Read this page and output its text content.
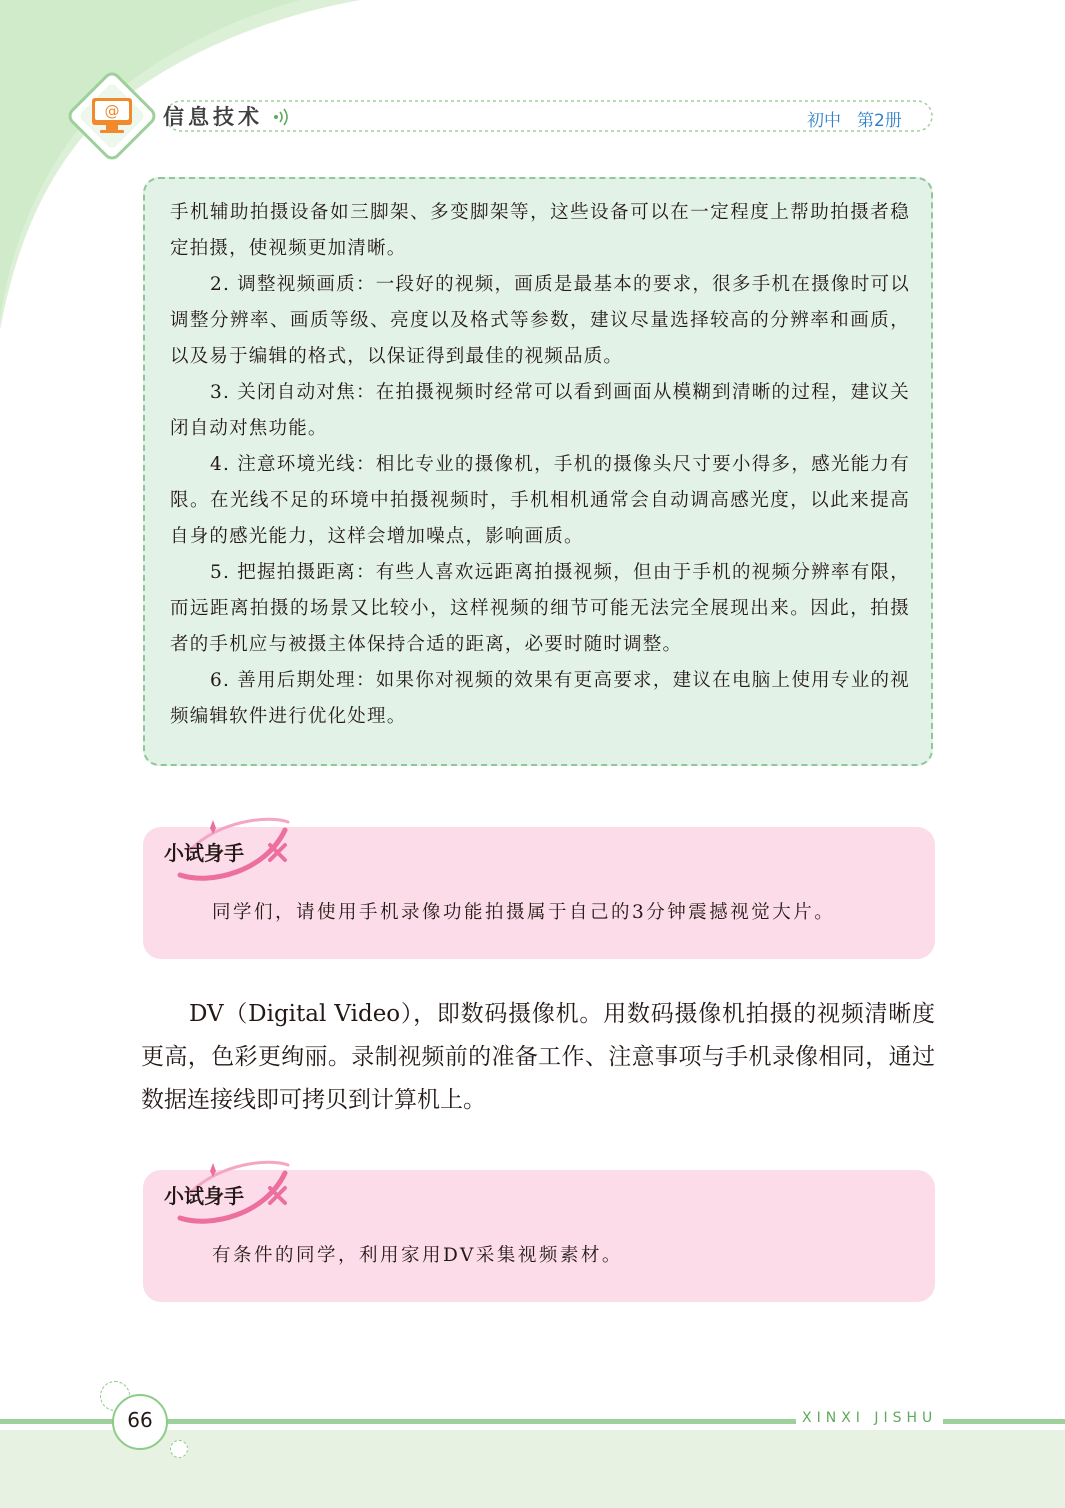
@ 信息技术	初中 第2册

手机辅助拍摄设备如三脚架、多变脚架等，这些设备可以在一定程度上帮助拍摄者稳定拍摄，使视频更加清晰。

2. 调整视频画质：一段好的视频，画质是最基本的要求，很多手机在摄像时可以调整分辨率、画质等级、亮度以及格式等参数，建议尽量选择较高的分辨率和画质，以及易于编辑的格式，以保证得到最佳的视频品质。

3. 关闭自动对焦：在拍摄视频时经常可以看到画面从模糊到清晰的过程，建议关闭自动对焦功能。

4. 注意环境光线：相比专业的摄像机，手机的摄像头尺寸要小得多，感光能力有限。在光线不足的环境中拍摄视频时，手机相机通常会自动调高感光度，以此来提高自身的感光能力，这样会增加噪点，影响画质。

5. 把握拍摄距离：有些人喜欢远距离拍摄视频，但由于手机的视频分辨率有限，而远距离拍摄的场景又比较小，这样视频的细节可能无法完全展现出来。因此，拍摄者的手机应与被摄主体保持合适的距离，必要时随时调整。

6. 善用后期处理：如果你对视频的效果有更高要求，建议在电脑上使用专业的视频编辑软件进行优化处理。

小试身手
同学们，请使用手机录像功能拍摄属于自己的3分钟震撼视觉大片。

DV（Digital Video），即数码摄像机。用数码摄像机拍摄的视频清晰度更高，色彩更绚丽。录制视频前的准备工作、注意事项与手机录像相同，通过数据连接线即可拷贝到计算机上。

小试身手
有条件的同学，利用家用DV采集视频素材。
66	XINXI JISHU
